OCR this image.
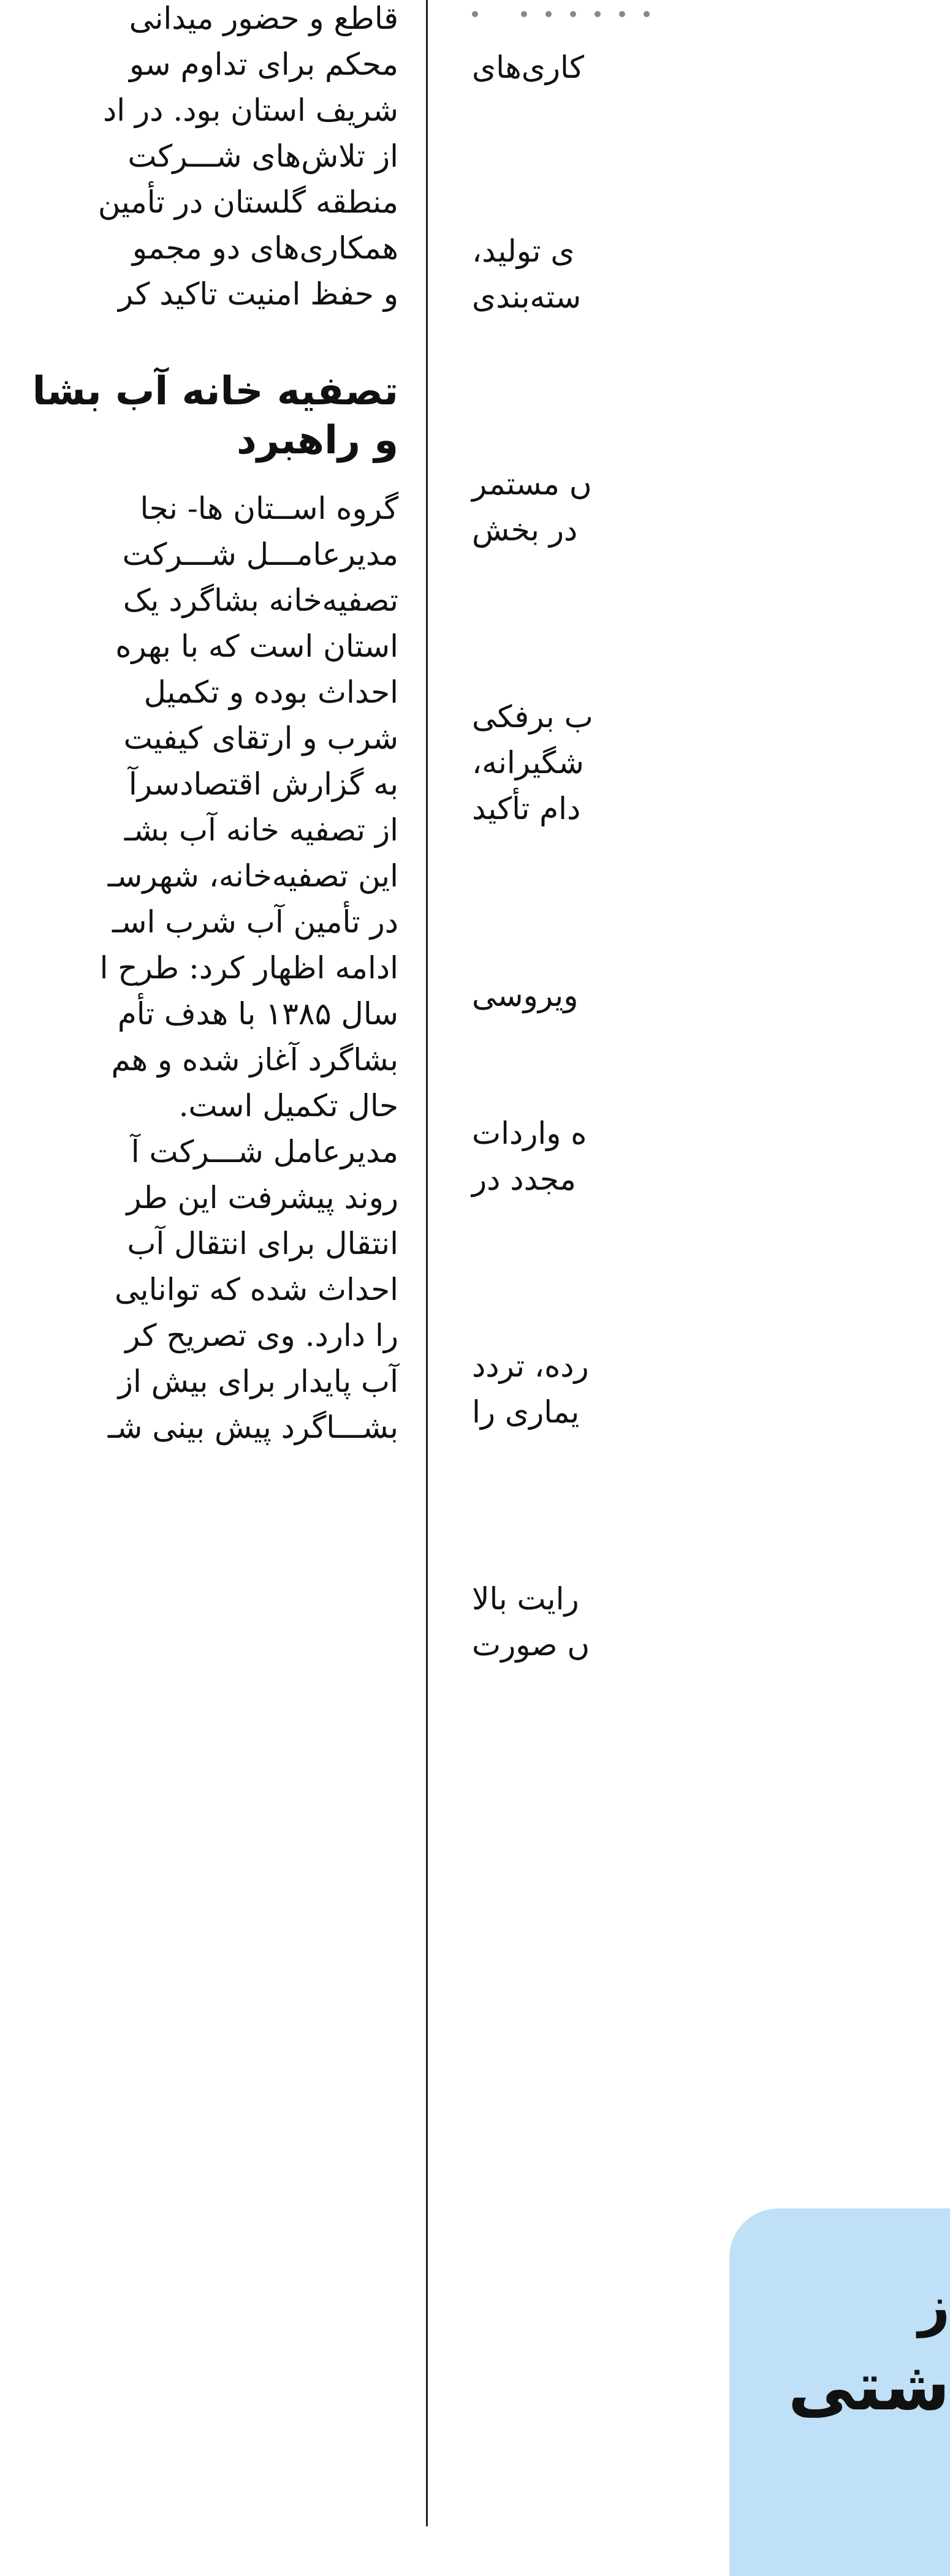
قاطع و حضور میدانی
محکم برای تداوم سو
شریف استان بود. در اد
از تلاش‌های شـــرکت
منطقه گلستان در تأمین
همکاری‌های دو مجمو
و حفظ امنیت تاکید کر
تصفیه خانه آب بشا
و راهبرد
گروه اســتان ها- نجا
مدیرعامـــل شـــرکت
تصفیه‌خانه بشاگرد یک
استان است که با بهره
احداث بوده و تکمیل
شرب و ارتقای کیفیت
به گزارش اقتصادسرآ
از تصفیه خانه آب بشـ
این تصفیه‌خانه، شهرسـ
در تأمین آب شرب اسـ
ادامه اظهار کرد: طرح ا
سال ۱۳۸۵ با هدف تأم
بشاگرد آغاز شده و هم
حال تکمیل است.
مدیرعامل شـــرکت آ
روند پیشرفت این طر
انتقال برای انتقال آب
احداث شده که توانایی
را دارد. وی تصریح کر
آب پایدار برای بیش از
بشـــاگرد پیش بینی شـ
کاری‌های
ی تولید،
ستەبندی
ں مستمر
در بخش
ب برفکی
شگیرانه،
دام تأکید
ویروسی
ه واردات
مجدد در
رده، تردد
یماری را
رایت بالا
ں صورت
ز
شتی
